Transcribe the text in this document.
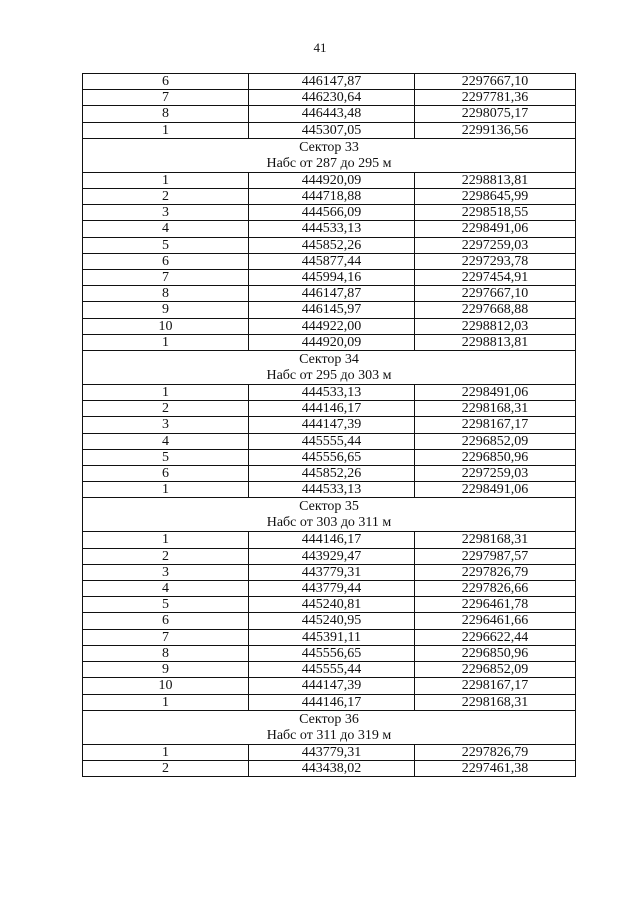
41
6	446147,87	2297667,10
7	446230,64	2297781,36
8	446443,48	2298075,17
1	445307,05	2299136,56

Сектор 33
Набс от 287 до 295 м		

1	444920,09	2298813,81
2	444718,88	2298645,99
3	444566,09	2298518,55
4	444533,13	2298491,06
5	445852,26	2297259,03
6	445877,44	2297293,78
7	445994,16	2297454,91
8	446147,87	2297667,10
9	446145,97	2297668,88
10	444922,00	2298812,03
1	444920,09	2298813,81

Сектор 34
Набс от 295 до 303 м		

1	444533,13	2298491,06
2	444146,17	2298168,31
3	444147,39	2298167,17
4	445555,44	2296852,09
5	445556,65	2296850,96
6	445852,26	2297259,03
1	444533,13	2298491,06

Сектор 35
Набс от 303 до 311 м		

1	444146,17	2298168,31
2	443929,47	2297987,57
3	443779,31	2297826,79
4	443779,44	2297826,66
5	445240,81	2296461,78
6	445240,95	2296461,66
7	445391,11	2296622,44
8	445556,65	2296850,96
9	445555,44	2296852,09
10	444147,39	2298167,17
1	444146,17	2298168,31

Сектор 36
Набс от 311 до 319 м		

1	443779,31	2297826,79
2	443438,02	2297461,38
